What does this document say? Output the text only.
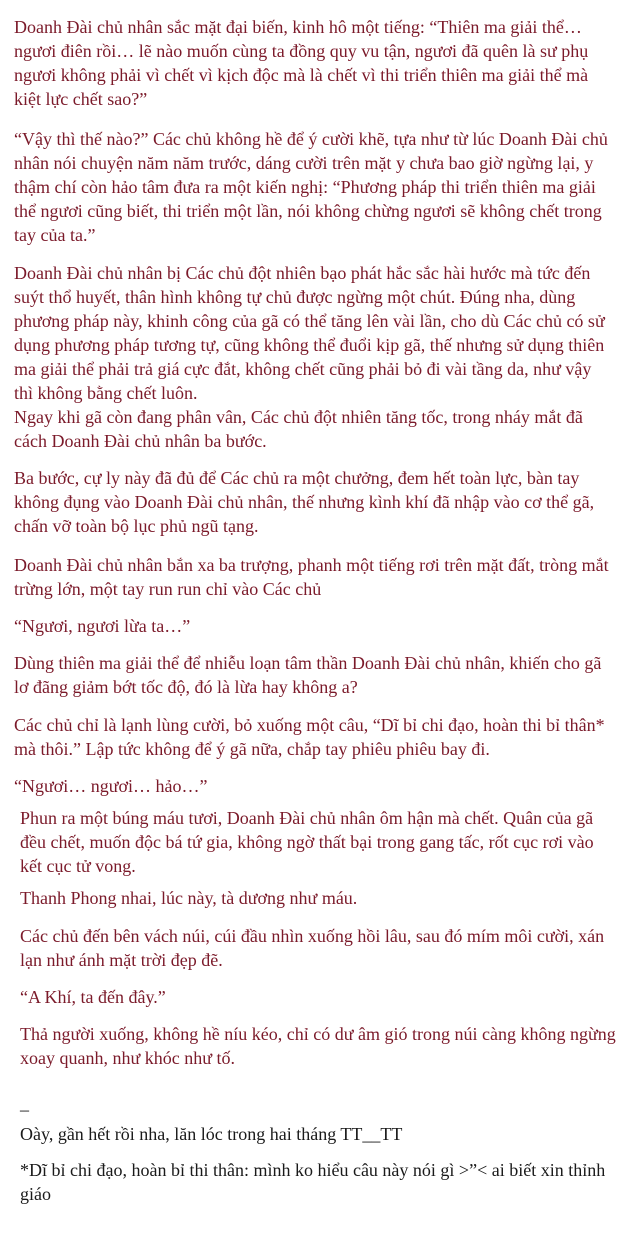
Doanh Đài chủ nhân sắc mặt đại biến, kinh hô một tiếng: “Thiên ma giải thể… ngươi điên rồi… lẽ nào muốn cùng ta đồng quy vu tận, ngươi đã quên là sư phụ ngươi không phải vì chết vì kịch độc mà là chết vì thi triển thiên ma giải thể mà kiệt lực chết sao?”

“Vậy thì thế nào?” Các chủ không hề để ý cười khẽ, tựa như từ lúc Doanh Đài chủ nhân nói chuyện năm năm trước, dáng cười trên mặt y chưa bao giờ ngừng lại, y thậm chí còn hảo tâm đưa ra một kiến nghị: “Phương pháp thi triển thiên ma giải thể ngươi cũng biết, thi triển một lần, nói không chừng ngươi sẽ không chết trong tay của ta.”

Doanh Đài chủ nhân bị Các chủ đột nhiên bạo phát hắc sắc hài hước mà tức đến suýt thổ huyết, thân hình không tự chủ được ngừng một chút. Đúng nha, dùng phương pháp này, khinh công của gã có thể tăng lên vài lần, cho dù Các chủ có sử dụng phương pháp tương tự, cũng không thể đuổi kịp gã, thế nhưng sử dụng thiên ma giải thể phải trả giá cực đắt, không chết cũng phải bỏ đi vài tầng da, như vậy thì không bằng chết luôn.

Ngay khi gã còn đang phân vân, Các chủ đột nhiên tăng tốc, trong nháy mắt đã cách Doanh Đài chủ nhân ba bước.

Ba bước, cự ly này đã đủ để Các chủ ra một chưởng, đem hết toàn lực, bàn tay không đụng vào Doanh Đài chủ nhân, thế nhưng kình khí đã nhập vào cơ thể gã, chấn vỡ toàn bộ lục phủ ngũ tạng.

Doanh Đài chủ nhân bắn xa ba trượng, phanh một tiếng rơi trên mặt đất, tròng mắt trừng lớn, một tay run run chỉ vào Các chủ

“Ngươi, ngươi lừa ta…”

Dùng thiên ma giải thể để nhiễu loạn tâm thần Doanh Đài chủ nhân, khiến cho gã lơ đãng giảm bớt tốc độ, đó là lừa hay không a?

Các chủ chỉ là lạnh lùng cười, bỏ xuống một câu, “Dĩ bỉ chi đạo, hoàn thi bỉ thân* mà thôi.” Lập tức không để ý gã nữa, chắp tay phiêu phiêu bay đi.

“Ngươi… ngươi… hảo…”

Phun ra một búng máu tươi, Doanh Đài chủ nhân ôm hận mà chết. Quân của gã đều chết, muốn độc bá tứ gia, không ngờ thất bại trong gang tấc, rốt cục rơi vào kết cục tử vong.

Thanh Phong nhai, lúc này, tà dương như máu.

Các chủ đến bên vách núi, cúi đầu nhìn xuống hồi lâu, sau đó mím môi cười, xán lạn như ánh mặt trời đẹp đẽ.

“A Khí, ta đến đây.”

Thả người xuống, không hề níu kéo, chỉ có dư âm gió trong núi càng không ngừng xoay quanh, như khóc như tố.

_

Oày, gần hết rồi nha, lăn lóc trong hai tháng TT__TT

*Dĩ bỉ chi đạo, hoàn bỉ thi thân: mình ko hiểu câu này nói gì >”< ai biết xin thỉnh giáo
